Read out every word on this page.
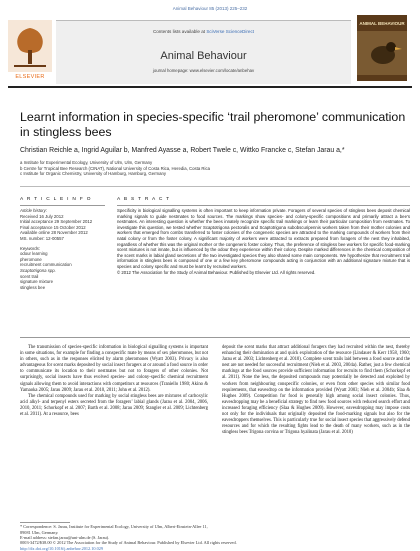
Animal Behaviour 85 (2013) 225–232
ELSEVIER
Contents lists available at SciVerse ScienceDirect
Animal Behaviour
journal homepage: www.elsevier.com/locate/anbehav
ANIMAL BEHAVIOUR
Learnt information in species-specific ‘trail pheromone’ communication in stingless bees
Christian Reichle a, Ingrid Aguilar b, Manfred Ayasse a, Robert Twele c, Wittko Francke c, Stefan Jarau a,*
a Institute for Experimental Ecology, University of Ulm, Ulm, Germany
b Centre for Tropical Bee Research (CINAT), National University of Costa Rica, Heredia, Costa Rica
c Institute for Organic Chemistry, University of Hamburg, Hamburg, Germany
A R T I C L E I N F O	A B S T R A C T
Article history:
Received 16 July 2012
Initial acceptance 29 September 2012
Final acceptance 15 October 2012
Available online 28 November 2012
MS. number: 12-00557
Keywords:
odour learning
pheromone
recruitment communication
Scaptotrigona spp.
scent trail
signature mixture
stingless bee
Specificity in biological signalling systems is often important to keep information private. Foragers of several species of stingless bees deposit chemical marking signals to guide nestmates to food sources. The markings show species- and colony-specific compositions and primarily attract a bee’s nestmates. An interesting question is whether the bees innately recognize specific trail markings or learn their particular composition from nestmates. To investigate this question, we tested whether Scaptotrigona pectoralis and Scaptotrigona subobscuripennis workers taken from their mother colonies and workers that emerged from combs transferred to foster colonies of the congeneric species are attracted to the marking compounds of workers from their natal colony or from the foster colony. A significant majority of workers were attracted to extracts prepared from foragers of the nest they inhabited, regardless of whether this was the original mother or the congeneric foster colony. Thus, the preference of stingless bee workers for specific food-marking scent mixtures is not innate, but is influenced by the odour they experience within their colony. Despite marked differences in the chemical composition of the scent marks in labial gland secretions of the two investigated species they also shared some main components. We hypothesize that recruitment trail information in stingless bees is composed of one or a few key pheromone compounds acting in conjunction with an additional signature mixture that is species and colony specific and must be learnt by recruited workers.
© 2012 The Association for the Study of Animal Behaviour. Published by Elsevier Ltd. All rights reserved.

The transmission of species-specific information in biological signalling systems is important in some situations, for example for finding a conspecific mate by means of sex pheromones, but not in others, such as in the responses elicited by alarm pheromones (Wyatt 2003). Privacy is also advantageous for scent marks deposited by social insect foragers at or around a food source in order to communicate its location to their nestmates but not to foragers of other colonies. Not surprisingly, social insects have thus evolved species- and colony-specific chemical recruitment signals allowing them to avoid interactions with competitors at resources (Traniello 1980; Akino & Yamaoka 2005; Jarau 2009; Jarau et al. 2010, 2011; John et al. 2012).

The chemical compounds used for marking by social stingless bees are mixtures of carboxylic acid alkyl- and terpenyl esters secreted from the foragers’ labial glands (Jarau et al. 2004, 2006, 2010, 2011; Schorkopf et al. 2007; Barth et al. 2008; Jarau 2009; Stangler et al. 2009; Lichtenberg et al. 2011). At a resource, bees

deposit the scent marks that attract additional foragers they had recruited within the nest, thereby enhancing their domination at and quick exploitation of the resource (Lindauer & Kerr 1958, 1960; Jarau et al. 2003; Lichtenberg et al. 2010). Complete scent trails laid between a food source and the nest are not needed for successful recruitment (Nieh et al. 2003, 2004a). Rather, just a few chemical markings at the food sources provide sufficient information for recruits to find them (Schorkopf et al. 2011). None the less, the deposited compounds may potentially be detected and exploited by workers from neighbouring conspecific colonies, or even from other species with similar food requirements, that eavesdrop on the information provided (Wyatt 2003; Nieh et al. 2004b; Slaa & Hughes 2009). Competition for food is generally high among social insect colonies. Thus, eavesdropping may be a beneficial strategy to find new food sources with reduced search effort and increased foraging efficiency (Slaa & Hughes 2009). However, eavesdropping may impose costs not only for the individuals that originally deposited the food-marking signals but also for the eavesdroppers themselves. This is particularly true for social insect species that aggressively defend resources and for which the resulting fights lead to the death of many workers, such as in the stingless bees Trigona corvina or Trigona hyalinata (Jarau et al. 2010)

* Correspondence: S. Jarau, Institute for Experimental Ecology, University of Ulm, Albert-Einstein-Allee 11, 89081 Ulm, Germany.
E-mail address: stefan.jarau@uni-ulm.de (S. Jarau).
0003-3472/$38.00 © 2012 The Association for the Study of Animal Behaviour. Published by Elsevier Ltd. All rights reserved.
http://dx.doi.org/10.1016/j.anbehav.2012.10.029
